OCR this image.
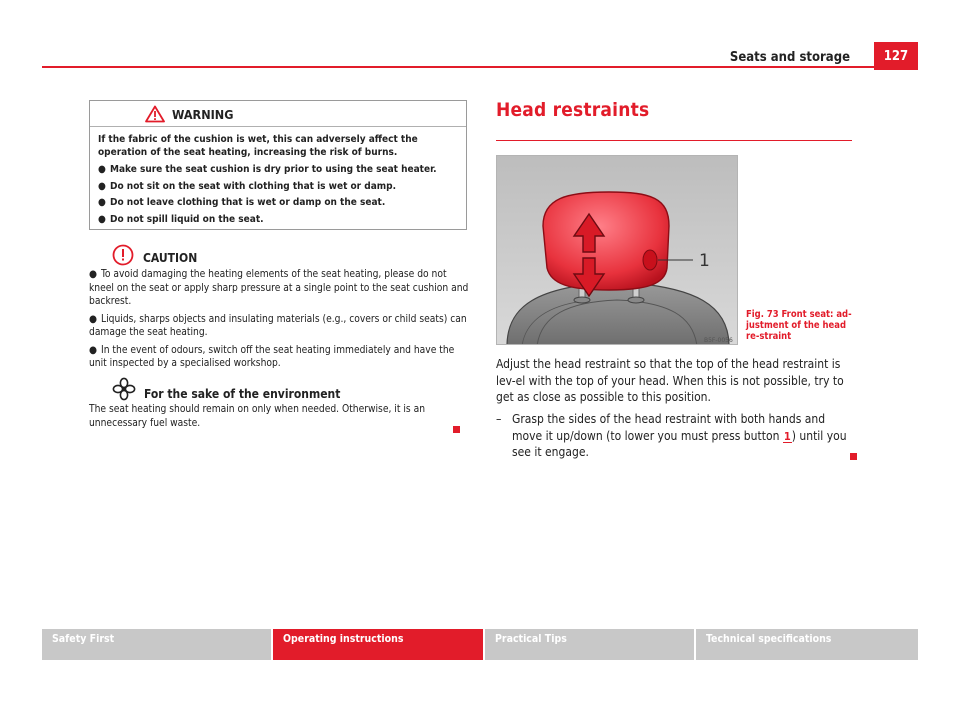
Seats and storage	127
WARNING
If the fabric of the cushion is wet, this can adversely affect the operation of the seat heating, increasing the risk of burns.
● Make sure the seat cushion is dry prior to using the seat heater.
● Do not sit on the seat with clothing that is wet or damp.
● Do not leave clothing that is wet or damp on the seat.
● Do not spill liquid on the seat.
CAUTION
● To avoid damaging the heating elements of the seat heating, please do not kneel on the seat or apply sharp pressure at a single point to the seat cushion and backrest.
● Liquids, sharps objects and insulating materials (e.g., covers or child seats) can damage the seat heating.
● In the event of odours, switch off the seat heating immediately and have the unit inspected by a specialised workshop.
For the sake of the environment
The seat heating should remain on only when needed. Otherwise, it is an unnecessary fuel waste.
Head restraints
1
B5F-0056
Fig. 73 Front seat: ad-justment of the head re-straint
Adjust the head restraint so that the top of the head restraint is lev-el with the top of your head. When this is not possible, try to get as close as possible to this position.
– Grasp the sides of the head restraint with both hands and move it up/down (to lower you must press button 1) until you see it engage.
Safety First	Operating instructions	Practical Tips	Technical specifications
